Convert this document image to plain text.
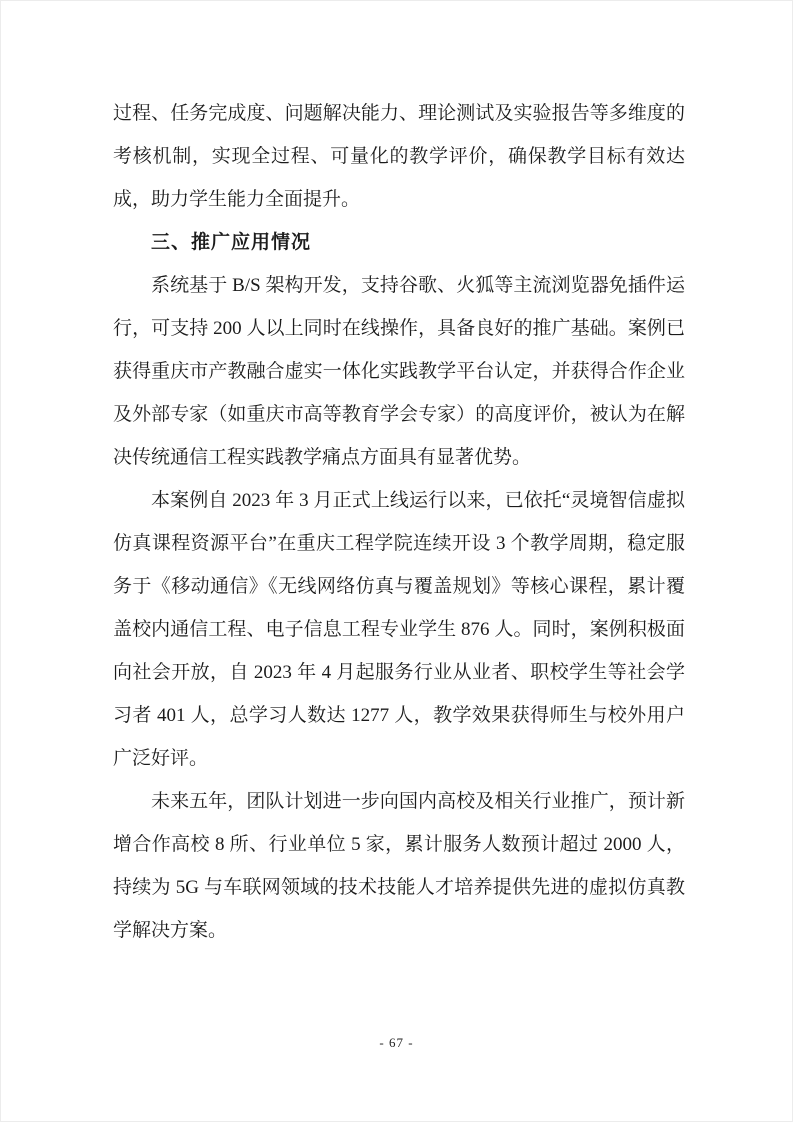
过程、任务完成度、问题解决能力、理论测试及实验报告等多维度的考核机制，实现全过程、可量化的教学评价，确保教学目标有效达成，助力学生能力全面提升。

三、推广应用情况

系统基于 B/S 架构开发，支持谷歌、火狐等主流浏览器免插件运行，可支持 200 人以上同时在线操作，具备良好的推广基础。案例已获得重庆市产教融合虚实一体化实践教学平台认定，并获得合作企业及外部专家（如重庆市高等教育学会专家）的高度评价，被认为在解决传统通信工程实践教学痛点方面具有显著优势。

本案例自 2023 年 3 月正式上线运行以来，已依托“灵境智信虚拟仿真课程资源平台”在重庆工程学院连续开设 3 个教学周期，稳定服务于《移动通信》《无线网络仿真与覆盖规划》等核心课程，累计覆盖校内通信工程、电子信息工程专业学生 876 人。同时，案例积极面向社会开放，自 2023 年 4 月起服务行业从业者、职校学生等社会学习者 401 人，总学习人数达 1277 人，教学效果获得师生与校外用户广泛好评。

未来五年，团队计划进一步向国内高校及相关行业推广，预计新增合作高校 8 所、行业单位 5 家，累计服务人数预计超过 2000 人，持续为 5G 与车联网领域的技术技能人才培养提供先进的虚拟仿真教学解决方案。

- 67 -
